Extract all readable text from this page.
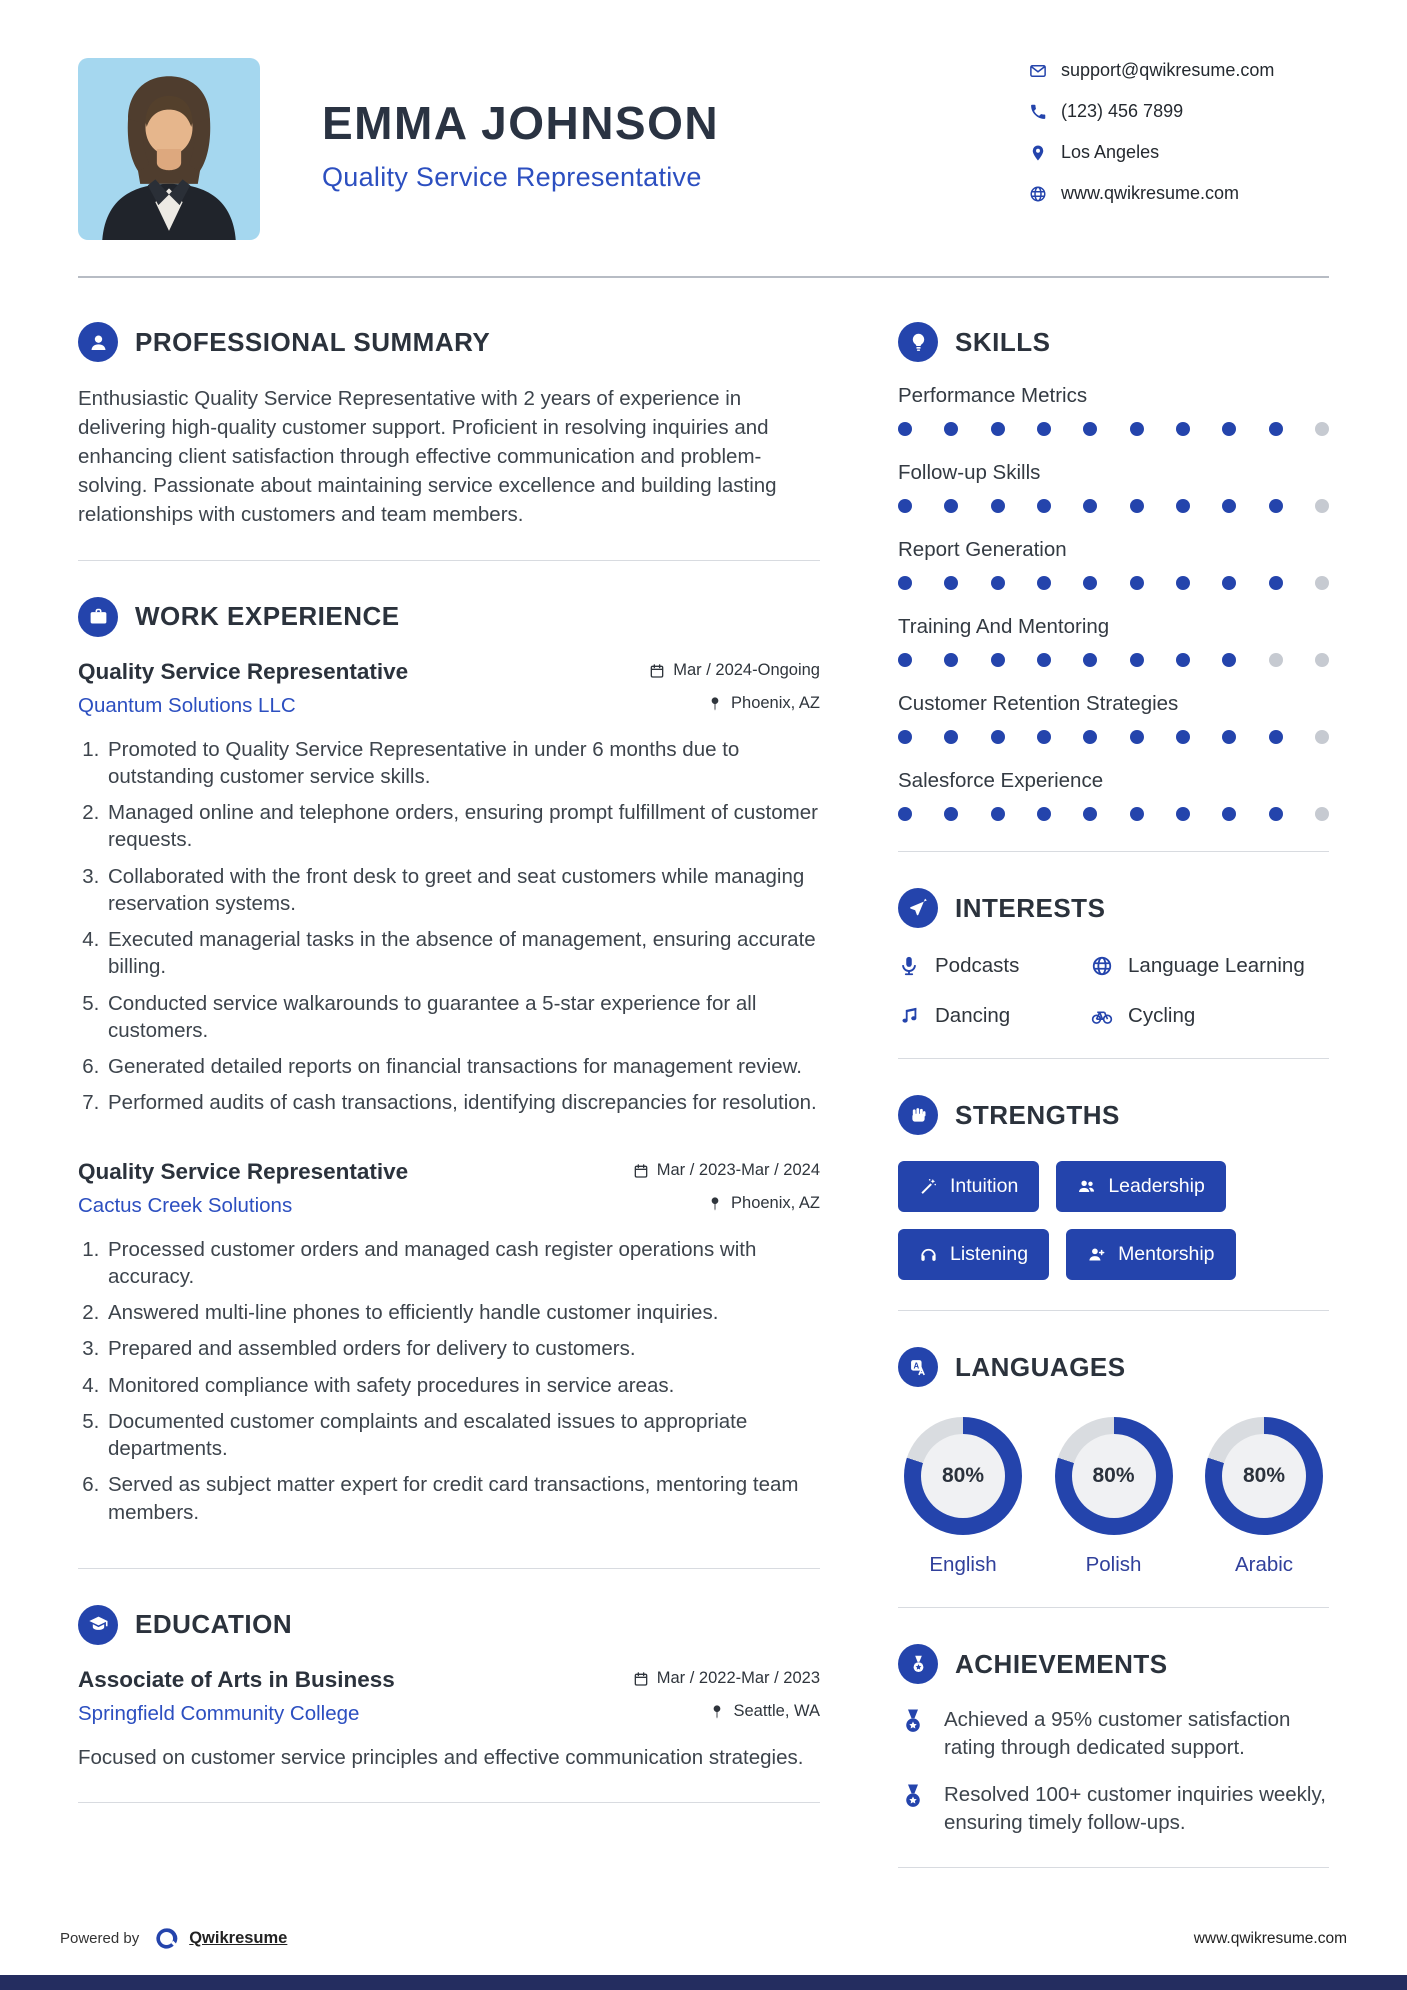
EMMA JOHNSON
Quality Service Representative
support@qwikresume.com
(123) 456 7899
Los Angeles
www.qwikresume.com
PROFESSIONAL SUMMARY

Enthusiastic Quality Service Representative with 2 years of experience in delivering high-quality customer support. Proficient in resolving inquiries and enhancing client satisfaction through effective communication and problem-solving. Passionate about maintaining service excellence and building lasting relationships with customers and team members.

WORK EXPERIENCE
Quality Service Representative	Mar / 2024-Ongoing
Quantum Solutions LLC	Phoenix, AZ
1. Promoted to Quality Service Representative in under 6 months due to outstanding customer service skills.
2. Managed online and telephone orders, ensuring prompt fulfillment of customer requests.
3. Collaborated with the front desk to greet and seat customers while managing reservation systems.
4. Executed managerial tasks in the absence of management, ensuring accurate billing.
5. Conducted service walkarounds to guarantee a 5-star experience for all customers.
6. Generated detailed reports on financial transactions for management review.
7. Performed audits of cash transactions, identifying discrepancies for resolution.
Quality Service Representative	Mar / 2023-Mar / 2024
Cactus Creek Solutions	Phoenix, AZ
1. Processed customer orders and managed cash register operations with accuracy.
2. Answered multi-line phones to efficiently handle customer inquiries.
3. Prepared and assembled orders for delivery to customers.
4. Monitored compliance with safety procedures in service areas.
5. Documented customer complaints and escalated issues to appropriate departments.
6. Served as subject matter expert for credit card transactions, mentoring team members.
EDUCATION
Associate of Arts in Business	Mar / 2022-Mar / 2023
Springfield Community College	Seattle, WA

Focused on customer service principles and effective communication strategies.

SKILLS
Performance Metrics
Follow-up Skills
Report Generation
Training And Mentoring
Customer Retention Strategies
Salesforce Experience
INTERESTS
Podcasts	Language Learning
Dancing	Cycling
STRENGTHS
Intuition	Leadership
Listening	Mentorship
A LANGUAGES
80%
English
80%
Polish
80%
Arabic
ACHIEVEMENTS

Achieved a 95% customer satisfaction rating through dedicated support.

Resolved 100+ customer inquiries weekly, ensuring timely follow-ups.

Powered by	Qwikresume	www.qwikresume.com
